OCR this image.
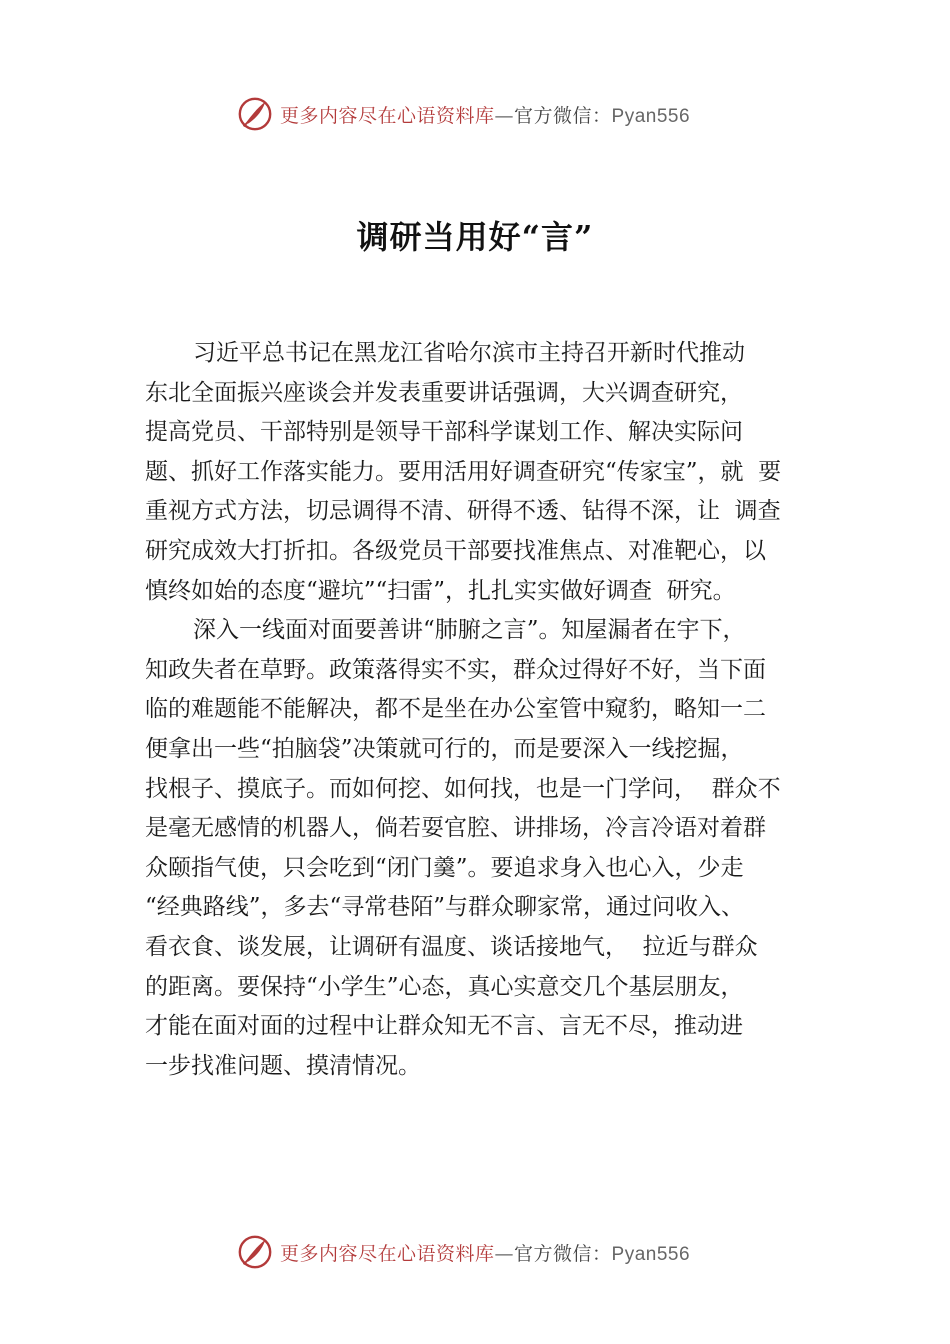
更多内容尽在心语资料库—官方微信：Pyan556
调研当用好“言”
习近平总书记在黑龙江省哈尔滨市主持召开新时代推动
东北全面振兴座谈会并发表重要讲话强调，大兴调查研究，
提高党员、干部特别是领导干部科学谋划工作、解决实际问
题、抓好工作落实能力。要用活用好调查研究“传家宝”，就  要
重视方式方法，切忌调得不清、研得不透、钻得不深，让  调查
研究成效大打折扣。各级党员干部要找准焦点、对准靶心，以
慎终如始的态度“避坑”“扫雷”，扎扎实实做好调查  研究。
深入一线面对面要善讲“肺腑之言”。知屋漏者在宇下，
知政失者在草野。政策落得实不实，群众过得好不好，当下面
临的难题能不能解决，都不是坐在办公室管中窥豹，略知一二
便拿出一些“拍脑袋”决策就可行的，而是要深入一线挖掘，
找根子、摸底子。而如何挖、如何找，也是一门学问，  群众不
是毫无感情的机器人，倘若耍官腔、讲排场，冷言冷语对着群
众颐指气使，只会吃到“闭门羹”。要追求身入也心入，少走
“经典路线”，多去“寻常巷陌”与群众聊家常，通过问收入、
看衣食、谈发展，让调研有温度、谈话接地气，  拉近与群众
的距离。要保持“小学生”心态，真心实意交几个基层朋友，
才能在面对面的过程中让群众知无不言、言无不尽，推动进
一步找准问题、摸清情况。
更多内容尽在心语资料库—官方微信：Pyan556
